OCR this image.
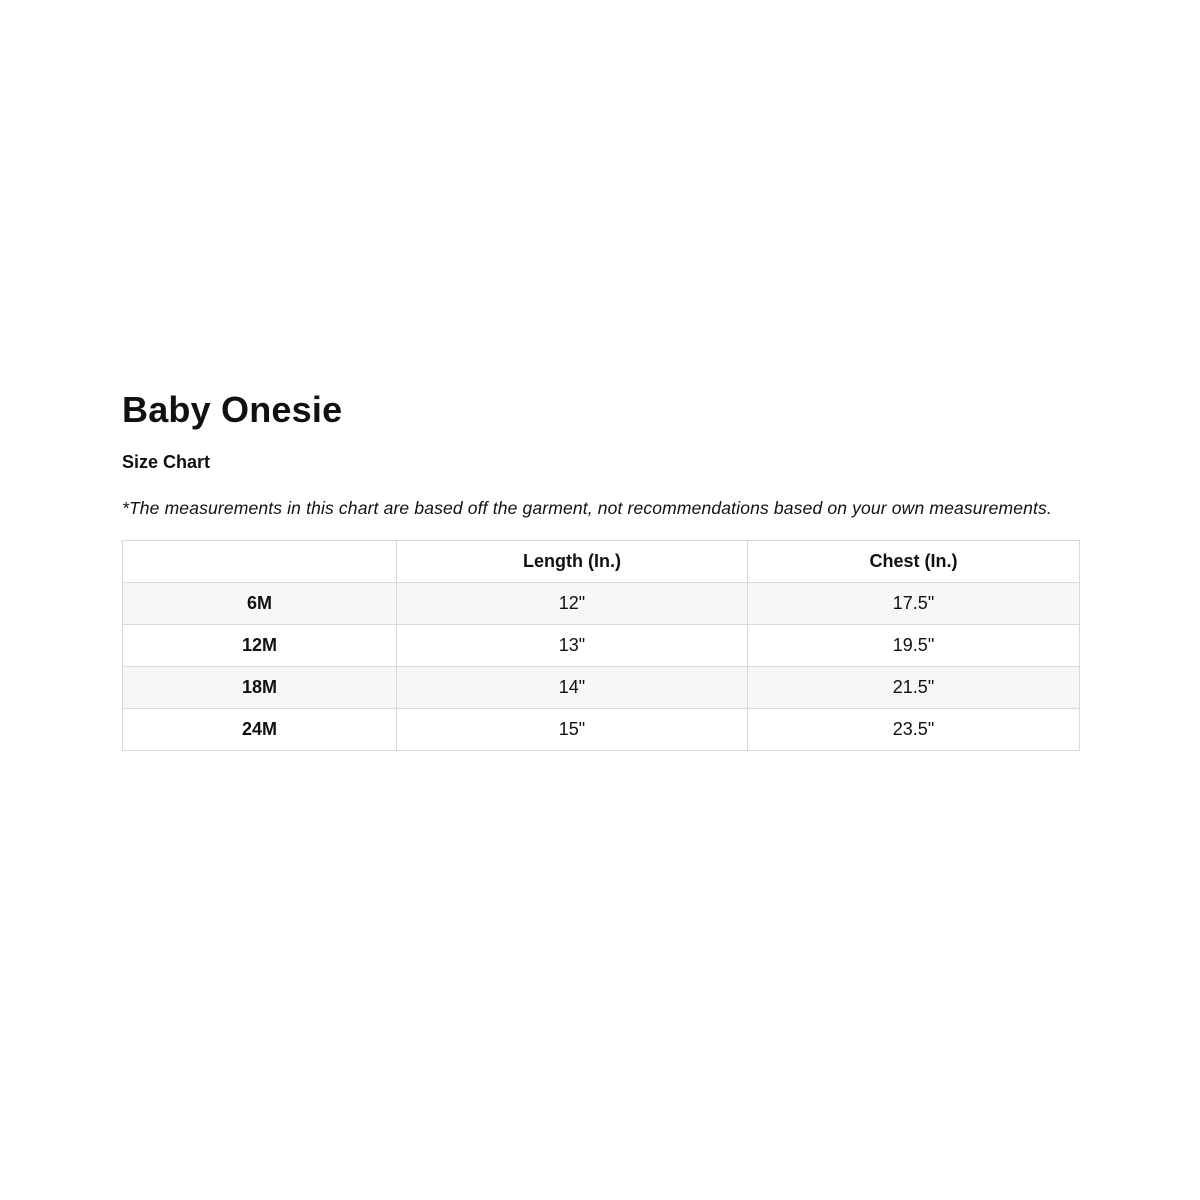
Baby Onesie
Size Chart

*The measurements in this chart are based off the garment, not recommendations based on your own measurements.

	Length (In.)	Chest (In.)
6M	12"	17.5"
12M	13"	19.5"
18M	14"	21.5"
24M	15"	23.5"
